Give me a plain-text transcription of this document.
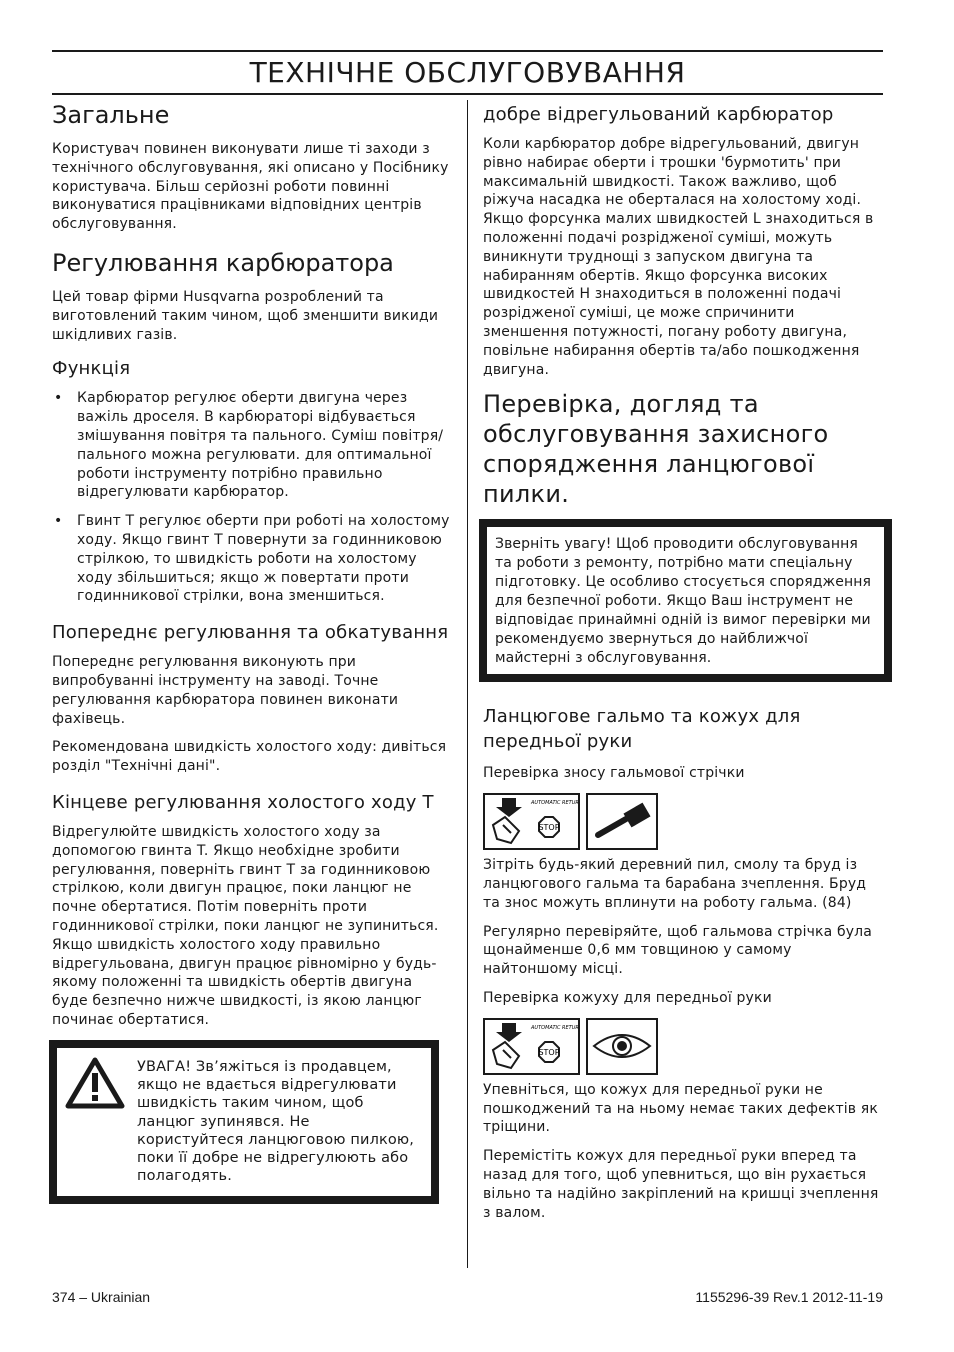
ТЕХНІЧНЕ ОБСЛУГОВУВАННЯ
Загальне

Користувач повинен виконувати лише ті заходи з технічного обслуговування, які описано у Посібнику користувача. Більш серйозні роботи повинні виконуватися працівниками відповідних центрів обслуговування.

Регулювання карбюратора

Цей товар фірми Husqvarna розроблений та виготовлений таким чином, щоб зменшити викиди шкідливих газів.

Функція
• Карбюратор регулює оберти двигуна через важіль дроселя. В карбюраторі відбувається змішування повітря та пального. Суміш повітря/пального можна регулювати. для оптимальної роботи інструменту потрібно правильно відрегулювати карбюратор.
• Гвинт T регулює оберти при роботі на холостому ходу. Якщо гвинт T повернути за годинниковою стрілкою, то швидкість роботи на холостому ходу збільшиться; якщо ж повертати проти годинникової стрілки, вона зменшиться.
Попереднє регулювання та обкатування

Попереднє регулювання виконують при випробуванні інструменту на заводі. Точне регулювання карбюратора повинен виконати фахівець.

Рекомендована швидкість холостого ходу: дивіться розділ "Технічні дані".

Кінцеве регулювання холостого ходу T

Відрегулюйте швидкість холостого ходу за допомогою гвинта T. Якщо необхідне зробити регулювання, поверніть гвинт T за годинниковою стрілкою, коли двигун працює, поки ланцюг не почне обертатися. Потім поверніть проти годинникової стрілки, поки ланцюг не зупиниться. Якщо швидкість холостого ходу правильно відрегульована, двигун працює рівномірно у будь-якому положенні та швидкість обертів двигуна буде безпечно нижче швидкості, із якою ланцюг починає обертатися.

УВАГА! Зв’яжіться із продавцем, якщо не вдається відрегулювати швидкість таким чином, щоб ланцюг зупинявся. Не користуйтеся ланцюговою пилкою, поки її добре не відрегулюють або полагодять.

добре відрегульований карбюратор

Коли карбюратор добре відрегульований, двигун рівно набирає оберти і трошки 'бурмотить' при максимальній швидкості. Також важливо, щоб ріжуча насадка не оберталася на холостому ході. Якщо форсунка малих швидкостей L знаходиться в положенні подачі розрідженої суміші, можуть виникнути труднощі з запуском двигуна та набиранням обертів. Якщо форсунка високих швидкостей H знаходиться в положенні подачі розрідженої суміші, це може спричинити зменшення потужності, погану роботу двигуна, повільне набирання обертів та/або пошкодження двигуна.

Перевірка, догляд та обслуговування захисного спорядження ланцюгової пилки.

Зверніть увагу! Щоб проводити обслуговування та роботи з ремонту, потрібно мати спеціальну підготовку. Це особливо стосується спорядження для безпечної роботи. Якщо Ваш інструмент не відповідає принаймні одній із вимог перевірки ми рекомендуємо звернуться до найближчої майстерні з обслуговування.

Ланцюгове гальмо та кожух для передньої руки

Перевірка зносу гальмової стрічки

STOP
AUTOMATIC RETURN

Зітріть будь-який деревний пил, смолу та бруд із ланцюгового гальма та барабана зчеплення. Бруд та знос можуть вплинути на роботу гальма. (84)

Регулярно перевіряйте, щоб гальмова стрічка була щонайменше 0,6 мм товщиною у самому найтоншому місці.

Перевірка кожуху для передньої руки

STOP
AUTOMATIC RETURN

Упевніться, що кожух для передньої руки не пошкоджений та на ньому немає таких дефектів як тріщини.

Перемістіть кожух для передньої руки вперед та назад для того, щоб упевниться, що він рухається вільно та надійно закріплений на кришці зчеплення з валом.

374 – Ukrainian	1155296-39 Rev.1 2012-11-19
